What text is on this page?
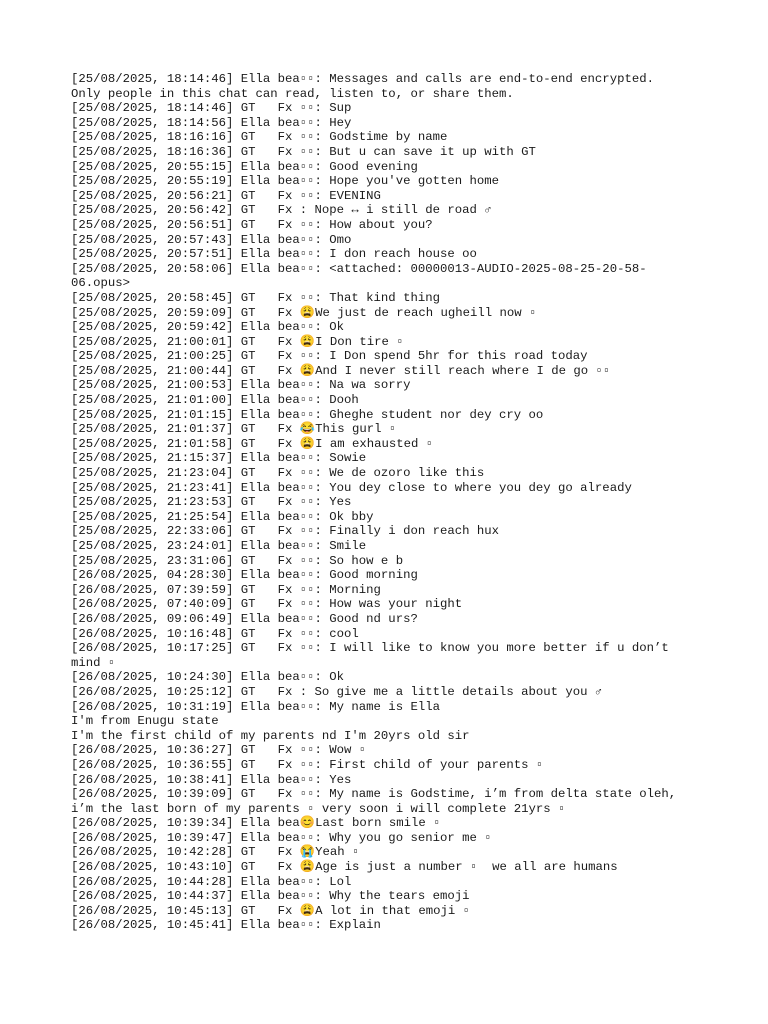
[25/08/2025, 18:14:46] Ella bea▫▫: Messages and calls are end-to-end encrypted.
Only people in this chat can read, listen to, or share them.
[25/08/2025, 18:14:46] GT   Fx ▫▫: Sup
[25/08/2025, 18:14:56] Ella bea▫▫: Hey
[25/08/2025, 18:16:16] GT   Fx ▫▫: Godstime by name
[25/08/2025, 18:16:36] GT   Fx ▫▫: But u can save it up with GT
[25/08/2025, 20:55:15] Ella bea▫▫: Good evening
[25/08/2025, 20:55:19] Ella bea▫▫: Hope you've gotten home
[25/08/2025, 20:56:21] GT   Fx ▫▫: EVENING
[25/08/2025, 20:56:42] GT   Fx : Nope ↔ i still de road ♂
[25/08/2025, 20:56:51] GT   Fx ▫▫: How about you?
[25/08/2025, 20:57:43] Ella bea▫▫: Omo
[25/08/2025, 20:57:51] Ella bea▫▫: I don reach house oo
[25/08/2025, 20:58:06] Ella bea▫▫: <attached: 00000013-AUDIO-2025-08-25-20-58-
06.opus>
[25/08/2025, 20:58:45] GT   Fx ▫▫: That kind thing
[25/08/2025, 20:59:09] GT   Fx 😩We just de reach ugheill now ▫
[25/08/2025, 20:59:42] Ella bea▫▫: Ok
[25/08/2025, 21:00:01] GT   Fx 😩I Don tire ▫
[25/08/2025, 21:00:25] GT   Fx ▫▫: I Don spend 5hr for this road today
[25/08/2025, 21:00:44] GT   Fx 😩And I never still reach where I de go ▫▫
[25/08/2025, 21:00:53] Ella bea▫▫: Na wa sorry
[25/08/2025, 21:01:00] Ella bea▫▫: Dooh
[25/08/2025, 21:01:15] Ella bea▫▫: Gheghe student nor dey cry oo
[25/08/2025, 21:01:37] GT   Fx 😂This gurl ▫
[25/08/2025, 21:01:58] GT   Fx 😩I am exhausted ▫
[25/08/2025, 21:15:37] Ella bea▫▫: Sowie
[25/08/2025, 21:23:04] GT   Fx ▫▫: We de ozoro like this
[25/08/2025, 21:23:41] Ella bea▫▫: You dey close to where you dey go already
[25/08/2025, 21:23:53] GT   Fx ▫▫: Yes
[25/08/2025, 21:25:54] Ella bea▫▫: Ok bby
[25/08/2025, 22:33:06] GT   Fx ▫▫: Finally i don reach hux
[25/08/2025, 23:24:01] Ella bea▫▫: Smile
[25/08/2025, 23:31:06] GT   Fx ▫▫: So how e b
[26/08/2025, 04:28:30] Ella bea▫▫: Good morning
[26/08/2025, 07:39:59] GT   Fx ▫▫: Morning
[26/08/2025, 07:40:09] GT   Fx ▫▫: How was your night
[26/08/2025, 09:06:49] Ella bea▫▫: Good nd urs?
[26/08/2025, 10:16:48] GT   Fx ▫▫: cool
[26/08/2025, 10:17:25] GT   Fx ▫▫: I will like to know you more better if u don’t
mind ▫
[26/08/2025, 10:24:30] Ella bea▫▫: Ok
[26/08/2025, 10:25:12] GT   Fx : So give me a little details about you ♂
[26/08/2025, 10:31:19] Ella bea▫▫: My name is Ella
I'm from Enugu state
I'm the first child of my parents nd I'm 20yrs old sir
[26/08/2025, 10:36:27] GT   Fx ▫▫: Wow ▫
[26/08/2025, 10:36:55] GT   Fx ▫▫: First child of your parents ▫
[26/08/2025, 10:38:41] Ella bea▫▫: Yes
[26/08/2025, 10:39:09] GT   Fx ▫▫: My name is Godstime, i’m from delta state oleh,
i’m the last born of my parents ▫ very soon i will complete 21yrs ▫
[26/08/2025, 10:39:34] Ella bea😊Last born smile ▫
[26/08/2025, 10:39:47] Ella bea▫▫: Why you go senior me ▫
[26/08/2025, 10:42:28] GT   Fx 😭Yeah ▫
[26/08/2025, 10:43:10] GT   Fx 😩Age is just a number ▫  we all are humans
[26/08/2025, 10:44:28] Ella bea▫▫: Lol
[26/08/2025, 10:44:37] Ella bea▫▫: Why the tears emoji
[26/08/2025, 10:45:13] GT   Fx 😩A lot in that emoji ▫
[26/08/2025, 10:45:41] Ella bea▫▫: Explain
